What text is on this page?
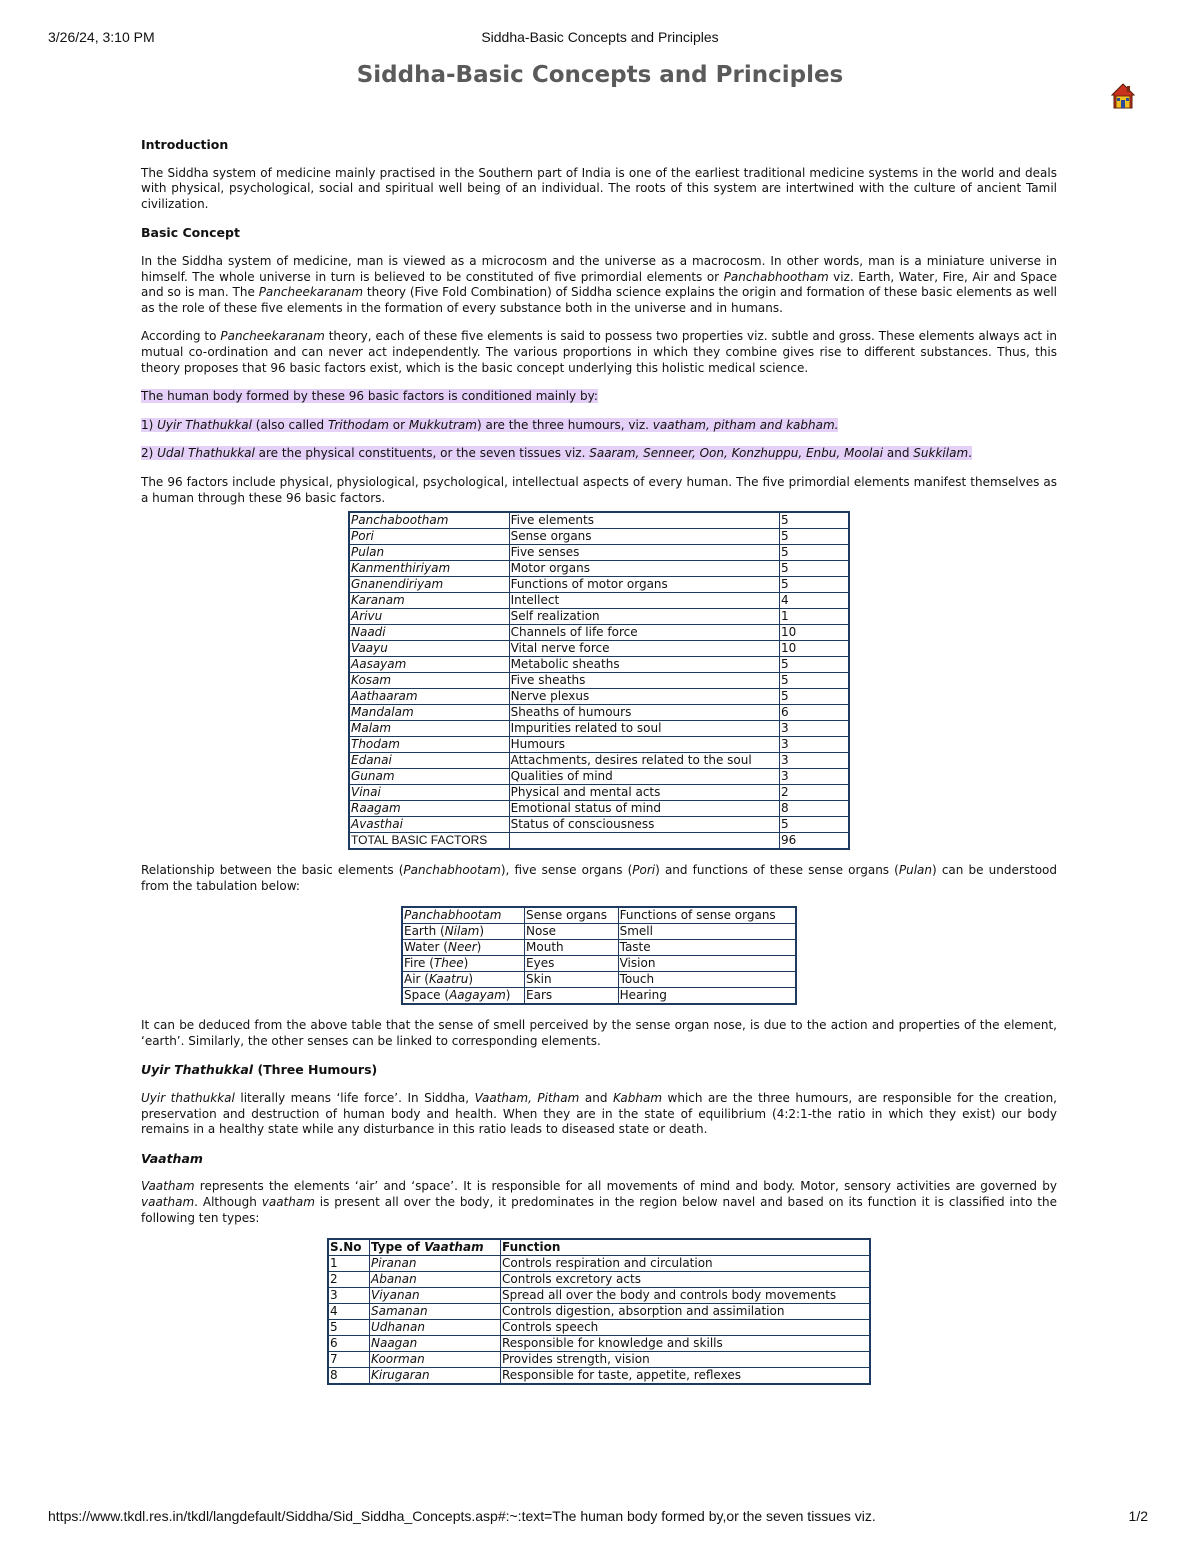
3/26/24, 3:10 PM	Siddha-Basic Concepts and Principles
Siddha-Basic Concepts and Principles
Introduction

The Siddha system of medicine mainly practised in the Southern part of India is one of the earliest traditional medicine systems in the world and deals with physical, psychological, social and spiritual well being of an individual. The roots of this system are intertwined with the culture of ancient Tamil civilization.

Basic Concept

In the Siddha system of medicine, man is viewed as a microcosm and the universe as a macrocosm. In other words, man is a miniature universe in himself. The whole universe in turn is believed to be constituted of five primordial elements or Panchabhootham viz. Earth, Water, Fire, Air and Space and so is man. The Pancheekaranam theory (Five Fold Combination) of Siddha science explains the origin and formation of these basic elements as well as the role of these five elements in the formation of every substance both in the universe and in humans.

According to Pancheekaranam theory, each of these five elements is said to possess two properties viz. subtle and gross. These elements always act in mutual co-ordination and can never act independently. The various proportions in which they combine gives rise to different substances. Thus, this theory proposes that 96 basic factors exist, which is the basic concept underlying this holistic medical science.

The human body formed by these 96 basic factors is conditioned mainly by:

1) Uyir Thathukkal (also called Trithodam or Mukkutram) are the three humours, viz. vaatham, pitham and kabham.

2) Udal Thathukkal are the physical constituents, or the seven tissues viz. Saaram, Senneer, Oon, Konzhuppu, Enbu, Moolai and Sukkilam.

The 96 factors include physical, physiological, psychological, intellectual aspects of every human. The five primordial elements manifest themselves as a human through these 96 basic factors.

Panchabootham	Five elements	5
Pori	Sense organs	5
Pulan	Five senses	5
Kanmenthiriyam	Motor organs	5
Gnanendiriyam	Functions of motor organs	5
Karanam	Intellect	4
Arivu	Self realization	1
Naadi	Channels of life force	10
Vaayu	Vital nerve force	10
Aasayam	Metabolic sheaths	5
Kosam	Five sheaths	5
Aathaaram	Nerve plexus	5
Mandalam	Sheaths of humours	6
Malam	Impurities related to soul	3
Thodam	Humours	3
Edanai	Attachments, desires related to the soul	3
Gunam	Qualities of mind	3
Vinai	Physical and mental acts	2
Raagam	Emotional status of mind	8
Avasthai	Status of consciousness	5
TOTAL BASIC FACTORS		96

Relationship between the basic elements (Panchabhootam), five sense organs (Pori) and functions of these sense organs (Pulan) can be understood from the tabulation below:

Panchabhootam	Sense organs	Functions of sense organs
Earth (Nilam)	Nose	Smell
Water (Neer)	Mouth	Taste
Fire (Thee)	Eyes	Vision
Air (Kaatru)	Skin	Touch
Space (Aagayam)	Ears	Hearing

It can be deduced from the above table that the sense of smell perceived by the sense organ nose, is due to the action and properties of the element, ‘earth’. Similarly, the other senses can be linked to corresponding elements.

Uyir Thathukkal (Three Humours)

Uyir thathukkal literally means ‘life force’. In Siddha, Vaatham, Pitham and Kabham which are the three humours, are responsible for the creation, preservation and destruction of human body and health. When they are in the state of equilibrium (4:2:1-the ratio in which they exist) our body remains in a healthy state while any disturbance in this ratio leads to diseased state or death.

Vaatham

Vaatham represents the elements ‘air’ and ‘space’. It is responsible for all movements of mind and body. Motor, sensory activities are governed by vaatham. Although vaatham is present all over the body, it predominates in the region below navel and based on its function it is classified into the following ten types:

S.No	Type of Vaatham	Function
1	Piranan	Controls respiration and circulation
2	Abanan	Controls excretory acts
3	Viyanan	Spread all over the body and controls body movements
4	Samanan	Controls digestion, absorption and assimilation
5	Udhanan	Controls speech
6	Naagan	Responsible for knowledge and skills
7	Koorman	Provides strength, vision
8	Kirugaran	Responsible for taste, appetite, reflexes
https://www.tkdl.res.in/tkdl/langdefault/Siddha/Sid_Siddha_Concepts.asp#:~:text=The human body formed by,or the seven tissues viz.	1/2
